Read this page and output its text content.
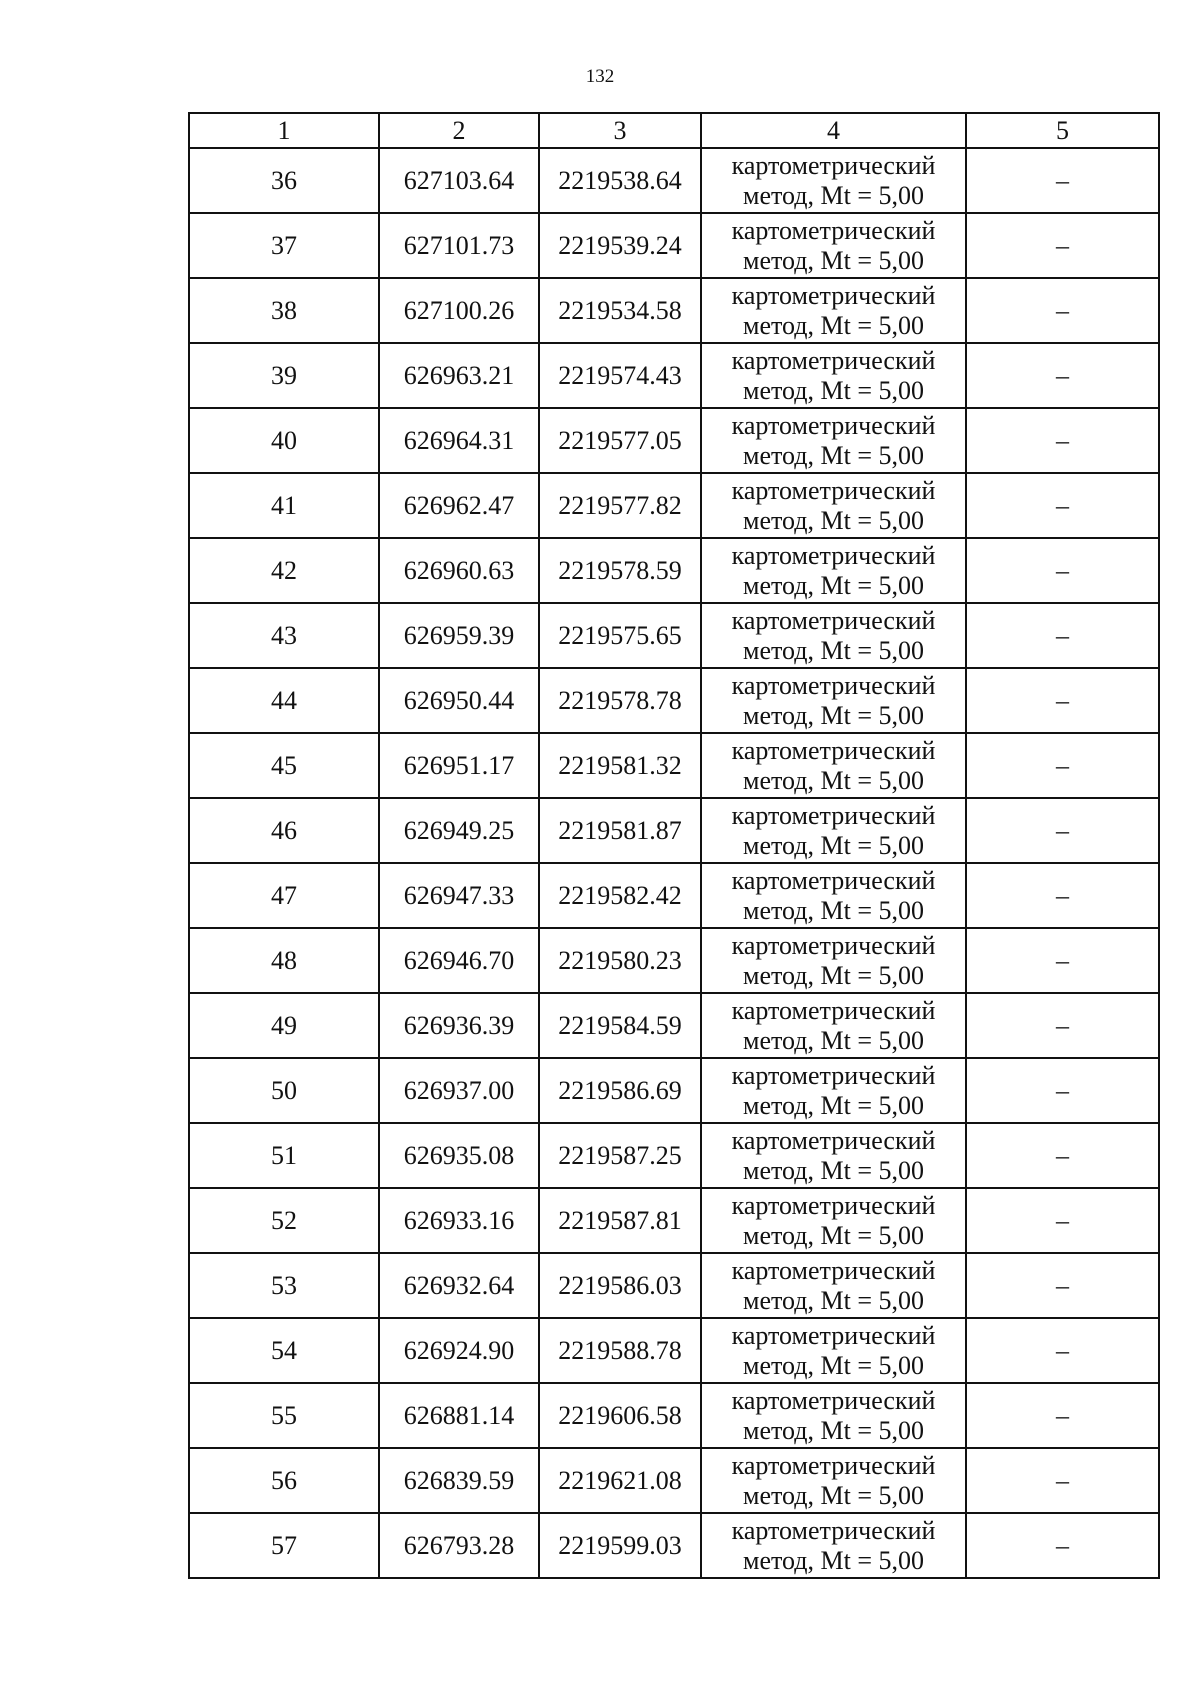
132
1	2	3	4	5
36	627103.64	2219538.64	картометрический
метод, Mt = 5,00	–
37	627101.73	2219539.24	картометрический
метод, Mt = 5,00	–
38	627100.26	2219534.58	картометрический
метод, Mt = 5,00	–
39	626963.21	2219574.43	картометрический
метод, Mt = 5,00	–
40	626964.31	2219577.05	картометрический
метод, Mt = 5,00	–
41	626962.47	2219577.82	картометрический
метод, Mt = 5,00	–
42	626960.63	2219578.59	картометрический
метод, Mt = 5,00	–
43	626959.39	2219575.65	картометрический
метод, Mt = 5,00	–
44	626950.44	2219578.78	картометрический
метод, Mt = 5,00	–
45	626951.17	2219581.32	картометрический
метод, Mt = 5,00	–
46	626949.25	2219581.87	картометрический
метод, Mt = 5,00	–
47	626947.33	2219582.42	картометрический
метод, Mt = 5,00	–
48	626946.70	2219580.23	картометрический
метод, Mt = 5,00	–
49	626936.39	2219584.59	картометрический
метод, Mt = 5,00	–
50	626937.00	2219586.69	картометрический
метод, Mt = 5,00	–
51	626935.08	2219587.25	картометрический
метод, Mt = 5,00	–
52	626933.16	2219587.81	картометрический
метод, Mt = 5,00	–
53	626932.64	2219586.03	картометрический
метод, Mt = 5,00	–
54	626924.90	2219588.78	картометрический
метод, Mt = 5,00	–
55	626881.14	2219606.58	картометрический
метод, Mt = 5,00	–
56	626839.59	2219621.08	картометрический
метод, Mt = 5,00	–
57	626793.28	2219599.03	картометрический
метод, Mt = 5,00	–
